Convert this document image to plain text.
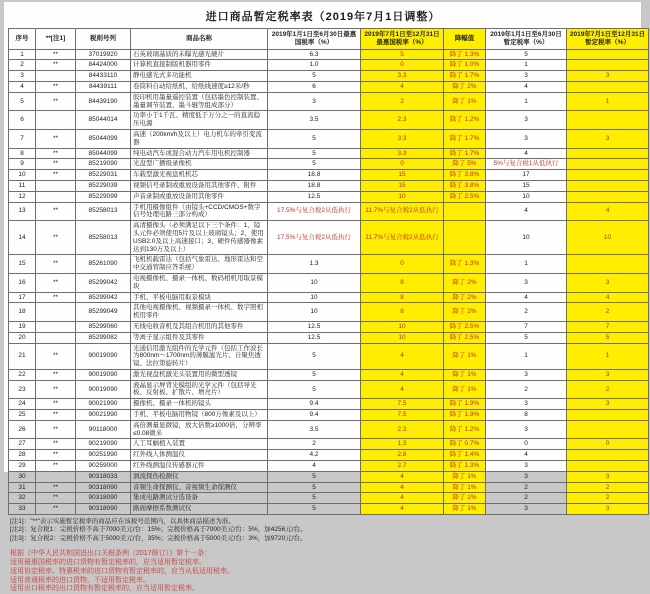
进口商品暂定税率表（2019年7月1日调整）
序号	**[注1]	税则号列	商品名称	2019年1月1日至6月30日最惠国税率（%）	2019年7月1日至12月31日最惠国税率（%）	降幅值	2019年1月1日至6月30日暂定税率（%）	2019年7月1日至12月31日暂定税率（%）
1	**	37019920	石英玻璃基质的未曝光感光硬片	6.3	5	降了 1.3%	5	
2	**	84424000	计算机直接制版机器用零件	1.0	0	降了 1.0%	1	
3		84433110	静电感光式多功能机	5	3.3	降了 1.7%	3	3
4	**	84439111	卷筒料自动给纸机、给纸线速度≥12米/秒	6	4	降了 2%	4	
5	**	84439190	胶印机用墨量遥控装置（包括墨色控制装置、墨量调节装置、墨斗辊等组成部分）	3	2	降了 1%	1	1
6		85044014	功率小于1千瓦、精度低于万分之一的直流稳压电源	3.5	2.3	降了 1.2%	3	
7	**	85044099	高速（200km/h及以上）电力机车的牵引变流器	5	3.3	降了 1.7%	3	3
8	**	85044099	纯电动汽车或混合动力汽车用电机控制器	5	3.3	降了 1.7%	4	
9	**	85219090	光盘型广播级录像机	5	0	降了 5%	5%与复合税1从低执行	
10	**	85229031	车载型激光视盘机机芯	18.8	15	降了 3.8%	17	
11		85229039	视频信号录制或重放设备用其他零件、附件	18.8	15	降了 3.8%	15	
12		85229099	声音录制或重放设备用其他零件	12.5	10	降了 2.5%	10	
13	**	85258013	手机用摄像组件（由镜头+CCD/CMOS+数字信号处理电路三部分构成）	17.5%与复合税2从低执行	11.7%与复合税2从低执行		4	4
14	**	85258013	高清摄像头（必须满足以下三个条件：1、镜头元件必须使用5片及以上玻璃镜头；2、使用USB2.0及以上高速接口；3、硬件传感器像素达到130万及以上）	17.5%与复合税2从低执行	11.7%与复合税2从低执行		10	10
15	**	85261090	飞机机载雷达（包括气象雷达、地形雷达和空中交通管制应答系统）	1.3	0	降了 1.3%	1	
16	**	85299042	电视摄像机、摄录一体机、数码相机用取景模块	10	8	降了 2%	3	3
17	**	85299042	手机、平板电脑用取景模块	10	8	降了 2%	4	4
18		85299049	其他电视摄像机、视频摄录一体机、数字照相机用零件	10	8	降了 2%	2	2
19		85299060	无线电收音机及其组合机用的其他零件	12.5	10	降了 2.5%	7	7
20		85299082	等离子显示组件及其零件	12.5	10	降了 2.5%	5	5
21	**	90019090	光通信用激光组件的光学元件（包括工作波长为800nm～1700nm的薄膜滤光片、自聚焦透镜、法拉第旋转片）	5	4	降了 1%	1	1
22	**	90019090	激光视盘机激光头装置用的微型透镜	5	4	降了 1%	3	3
23	**	90019090	液晶显示屏背光模组的光学元件（包括导光板、反射板、扩散片、增亮片）	5	4	降了 1%	2	2
24	**	90021990	摄像机、摄录一体机的镜头	9.4	7.5	降了 1.9%	3	3
25	**	90021990	手机、平板电脑用物镜（800万像素及以上）	9.4	7.5	降了 1.9%	8	
26	**	90118000	高倍测量显微镜，放大倍数≥1000倍，分辨率≤0.08微米	3.5	2.3	降了 1.2%	3	
27	**	90219090	人工耳蜗植入装置	2	1.3	降了 0.7%	0	0
28	**	90251990	红外线人体测温仪	4.2	2.8	降了 1.4%	4	
29	**	90259000	红外线测温仪传感器元件	4	2.7	降了 1.3%	3	
30		90318033	涡流探伤检测仪	5	4	降了 1%	3	3
31	**	90318090	音频生命探测仪、音视频生命探测仪	5	4	降了 1%	2	2
32	**	90318090	集成电路测试分选设备	5	4	降了 1%	2	2
33	**	90318090	路面摩擦系数测试仪	5	4	降了 1%	3	3
[注1]："**"表示实施暂定税率的商品应在该税号范围内，以具体商品描述为准。
[注2]：复合税1：完税价格不高于7000美元/台：15%；完税价格高于7000美元/台：5%，加4256元/台。
[注3]：复合税2：完税价格不高于5000美元/台，35%；完税价格高于5000美元/台：3%，加9720元/台。
根据《中华人民共和国进出口关税条例（2017修订）》第十一条：
适用最惠国税率的进口货物有暂定税率的，应当适用暂定税率。
适用协定税率、特惠税率的进口货物有暂定税率的，应当从低适用税率。
适用普通税率的进口货物，不适用暂定税率。
适用出口税率的出口货物有暂定税率的，应当适用暂定税率。
